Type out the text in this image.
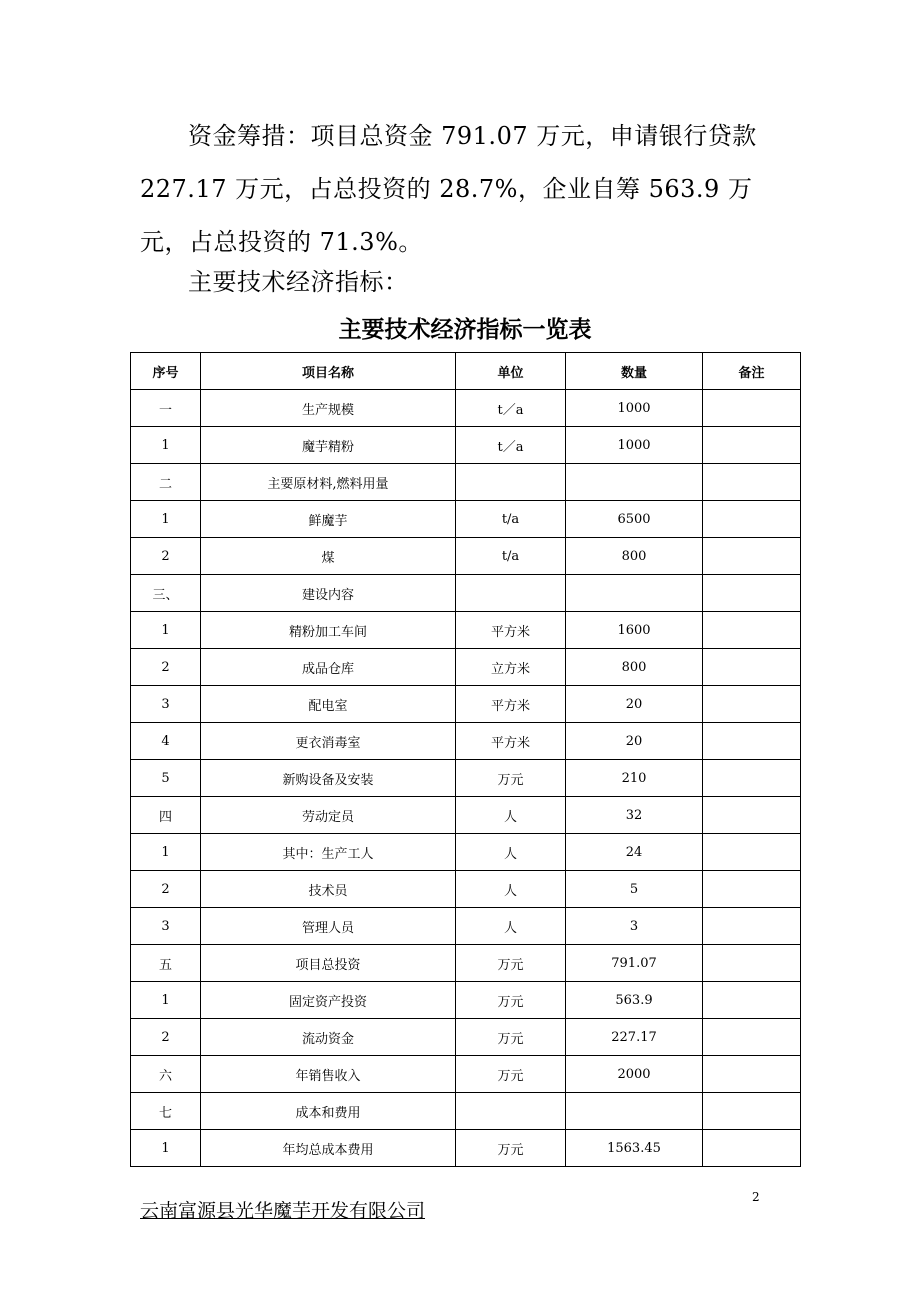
资金筹措：项目总资金 791.07 万元，申请银行贷款 227.17 万元，占总投资的 28.7%，企业自筹 563.9 万元，占总投资的 71.3%。

主要技术经济指标：

主要技术经济指标一览表
序号	项目名称	单位	数量	备注
一	生产规模	t／a	1000	
1	魔芋精粉	t／a	1000	
二	主要原材料,燃料用量			
1	鲜魔芋	t/a	6500	
2	煤	t/a	800	
三、	建设内容			
1	精粉加工车间	平方米	1600	
2	成品仓库	立方米	800	
3	配电室	平方米	20	
4	更衣消毒室	平方米	20	
5	新购设备及安装	万元	210	
四	劳动定员	人	32	
1	其中：生产工人	人	24	
2	技术员	人	5	
3	管理人员	人	3	
五	项目总投资	万元	791.07	
1	固定资产投资	万元	563.9	
2	流动资金	万元	227.17	
六	年销售收入	万元	2000	
七	成本和费用			
1	年均总成本费用	万元	1563.45	
云南富源县光华魔芋开发有限公司
2
